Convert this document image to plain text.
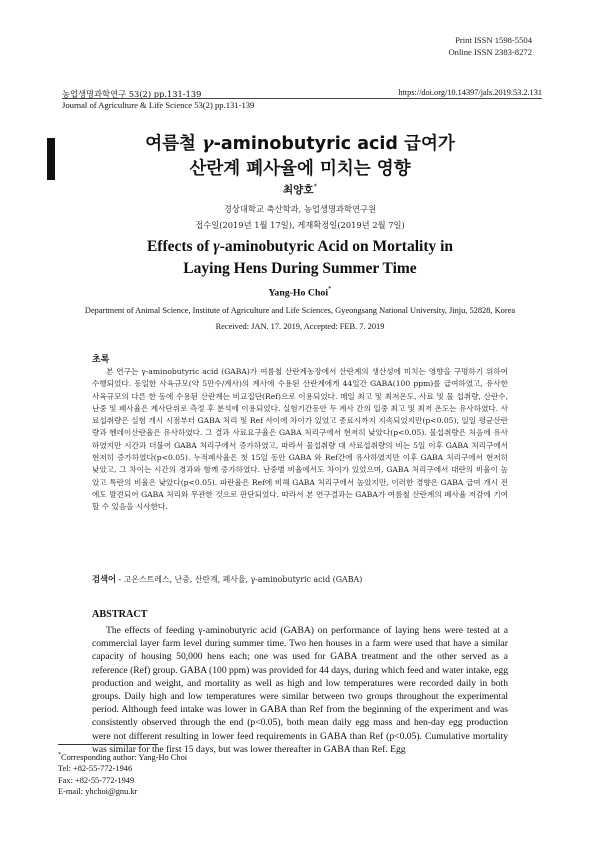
Print ISSN 1598-5504
Online ISSN 2383-8272
농업생명과학연구 53(2) pp.131-139	https://doi.org/10.14397/jals.2019.53.2.131
Journal of Agriculture & Life Science 53(2) pp.131-139
여름철 γ-aminobutyric acid 급여가
산란계 폐사율에 미치는 영향
최양호*
경상대학교 축산학과, 농업생명과학연구원
접수일(2019년 1월 17일), 게재확정일(2019년 2월 7일)
Effects of γ-aminobutyric Acid on Mortality in
Laying Hens During Summer Time
Yang-Ho Choi*
Department of Animal Science, Institute of Agriculture and Life Sciences, Gyeongsang National University, Jinju, 52828, Korea
Received: JAN. 17. 2019, Accepted: FEB. 7. 2019
초록
본 연구는 γ-aminobutyric acid (GABA)가 여름철 산란계농장에서 산란계의 생산성에 미치는 영향을 구명하기 위하여 수행되었다. 동일한 사육규모(약 5만수/계사)의 계사에 수용된 산란계에게 44일간 GABA(100 ppm)를 급여하였고, 유사한 사육규모의 다른 한 동에 수용된 산란계는 비교집단(Ref)으로 이용되었다. 매일 최고 및 최저온도, 사료 및 물 섭취량, 산란수, 난중 및 폐사율은 계사단위로 측정 후 분석에 이용되었다. 실험기간동안 두 계사 간의 일중 최고 및 최저 온도는 유사하였다. 사료섭취량은 실험 개시 시점부터 GABA 처리 및 Ref 사이에 차이가 있었고 종료시까지 지속되었지만(p<0.05), 일일 평균산란량과 헨데이산란율은 유사하였다. 그 결과 사료요구율은 GABA 처리구에서 현저히 낮았다(p<0.05). 물섭취량은 처음에 유사하였지만 시간과 더불어 GABA 처리구에서 증가하였고, 따라서 물섭취량 대 사료섭취량의 비는 5일 이후 GABA 처리구에서 현저히 증가하였다(p<0.05). 누적폐사율은 첫 15일 동안 GABA 와 Ref간에 유사하였지만 이후 GABA 처리구에서 현저히 낮았고, 그 차이는 시간의 경과와 함께 증가하였다. 난중별 비율에서도 차이가 있었으며, GABA 처리구에서 대란의 비율이 높았고 특란의 비율은 낮았다(p<0.05). 파란율은 Ref에 비해 GABA 처리구에서 높았지만, 이러한 경향은 GABA 급여 개시 전에도 발견되어 GABA 처리와 무관한 것으로 판단되었다. 따라서 본 연구결과는 GABA가 여름철 산란계의 폐사율 저감에 기여할 수 있음을 시사한다.
검색어 - 고온스트레스, 난중, 산란계, 폐사율, γ-aminobutyric acid (GABA)
ABSTRACT
The effects of feeding γ-aminobutyric acid (GABA) on performance of laying hens were tested at a commercial layer farm level during summer time. Two hen houses in a farm were used that have a similar capacity of housing 50,000 hens each; one was used for GABA treatment and the other served as a reference (Ref) group. GABA (100 ppm) was provided for 44 days, during which feed and water intake, egg production and weight, and mortality as well as high and low temperatures were recorded daily in both groups. Daily high and low temperatures were similar between two groups throughout the experimental period. Although feed intake was lower in GABA than Ref from the beginning of the experiment and was consistently observed through the end (p<0.05), both mean daily egg mass and hen-day egg production were not different resulting in lower feed requirements in GABA than Ref (p<0.05). Cumulative mortality was similar for the first 15 days, but was lower thereafter in GABA than Ref. Egg
*Corresponding author: Yang-Ho Choi
Tel: +82-55-772-1946
Fax: +82-55-772-1949
E-mail: yhchoi@gnu.kr
